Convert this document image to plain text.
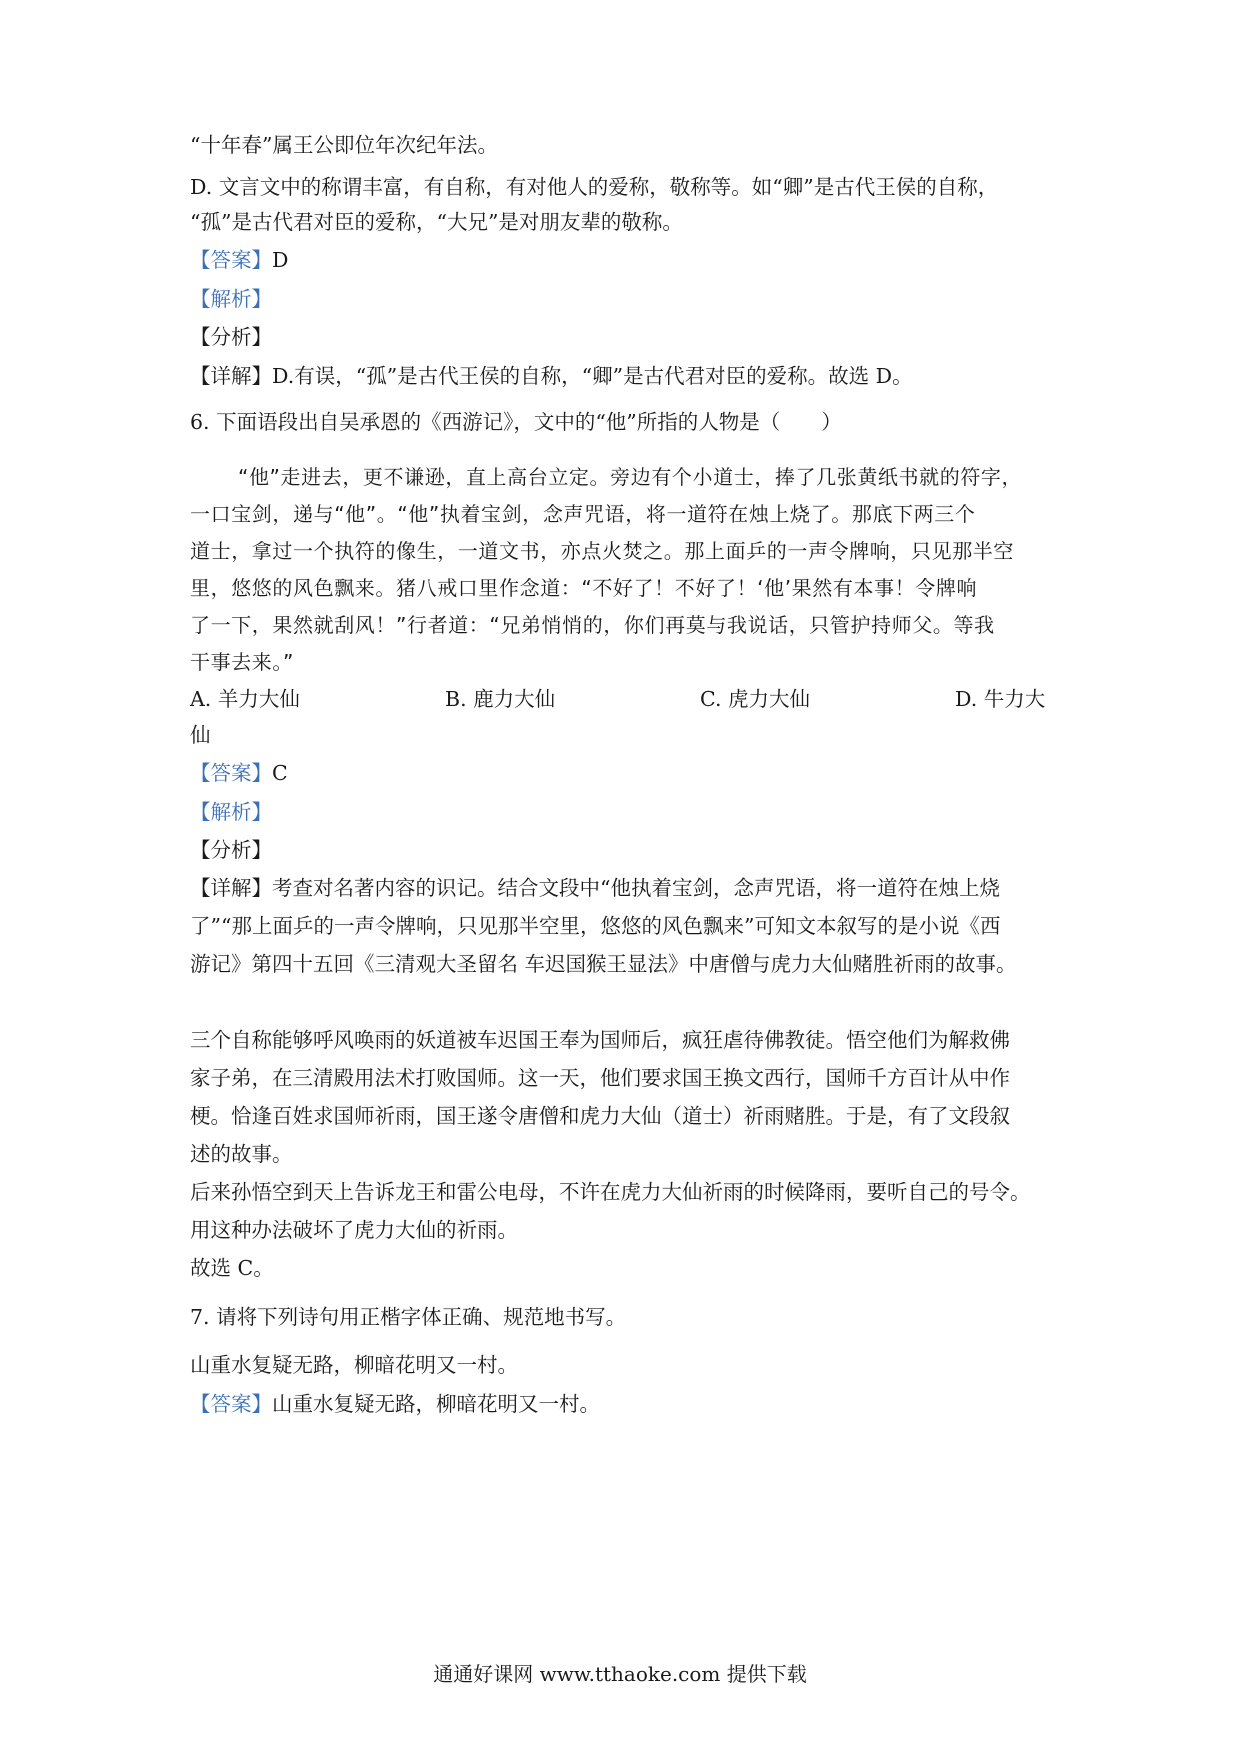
“十年春”属王公即位年次纪年法。
D. 文言文中的称谓丰富，有自称，有对他人的爱称，敬称等。如“卿”是古代王侯的自称，
“孤”是古代君对臣的爱称，“大兄”是对朋友辈的敬称。
【答案】D
【解析】
【分析】
【详解】D.有误，“孤”是古代王侯的自称，“卿”是古代君对臣的爱称。故选 D。
6. 下面语段出自吴承恩的《西游记》，文中的“他”所指的人物是（　　）
“他”走进去，更不谦逊，直上高台立定。旁边有个小道士，捧了几张黄纸书就的符字，
一口宝剑，递与“他”。“他”执着宝剑，念声咒语，将一道符在烛上烧了。那底下两三个
道士，拿过一个执符的像生，一道文书，亦点火焚之。那上面乒的一声令牌响，只见那半空
里，悠悠的风色飘来。猪八戒口里作念道：“不好了！不好了！‘他’果然有本事！令牌响
了一下，果然就刮风！”行者道：“兄弟悄悄的，你们再莫与我说话，只管护持师父。等我
干事去来。”
A. 羊力大仙	B. 鹿力大仙	C. 虎力大仙	D. 牛力大
仙
【答案】C
【解析】
【分析】
【详解】考查对名著内容的识记。结合文段中“他执着宝剑，念声咒语，将一道符在烛上烧
了”“那上面乒的一声令牌响，只见那半空里，悠悠的风色飘来”可知文本叙写的是小说《西
游记》第四十五回《三清观大圣留名 车迟国猴王显法》中唐僧与虎力大仙赌胜祈雨的故事。
三个自称能够呼风唤雨的妖道被车迟国王奉为国师后，疯狂虐待佛教徒。悟空他们为解救佛
家子弟，在三清殿用法术打败国师。这一天，他们要求国王换文西行，国师千方百计从中作
梗。恰逢百姓求国师祈雨，国王遂令唐僧和虎力大仙（道士）祈雨赌胜。于是，有了文段叙
述的故事。
后来孙悟空到天上告诉龙王和雷公电母，不许在虎力大仙祈雨的时候降雨，要听自己的号令。
用这种办法破坏了虎力大仙的祈雨。
故选 C。
7. 请将下列诗句用正楷字体正确、规范地书写。
山重水复疑无路，柳暗花明又一村。
【答案】山重水复疑无路，柳暗花明又一村。
通通好课网 www.tthaoke.com 提供下载
